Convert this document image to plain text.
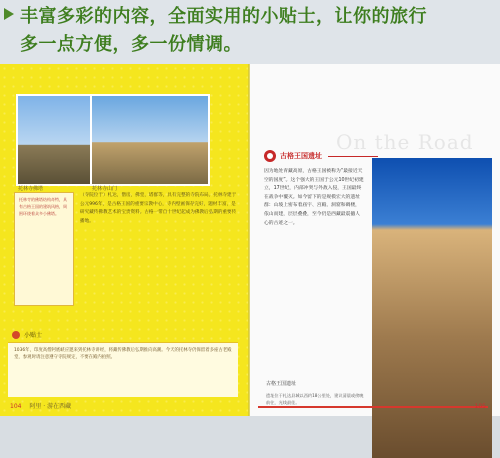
丰富多彩的内容，全面实用的小贴士，让你的旅行
多一点方便，多一份情调。
托林寺佛塔	托林寺山门
托林寺的佛塔结构奇特，具有古格王国的建筑风格，周围环绕着众多小佛塔。
（寺院位于）札达，僧房，佛堂，塔群等，具有完整的寺院布局。托林寺建于公元996年，是古格王国的重要宗教中心，寺内壁画保存完好，题材丰富，是研究藏传佛教艺术的宝贵资料。古格一带自十世纪起成为佛教后弘期的重要传播地。
小贴士
1036年，印度高僧阿底峡应邀来到托林寺讲经，将藏传佛教后弘期推向高潮。今天的托林寺仍保留着多座古老殿堂，参观时请注意遵守寺院规定，不要在殿内拍照。
104 阿里 · 游在西藏
On the Road
古格王国遗址
因为地处青藏高原，古格王国被称为“最接近天空的国度”。这个强大的王国于公元10世纪初建立，17世纪，内部冲突与外敌入侵，王国最终在战争中覆灭。如今留下的是规模宏大的遗址群：山坡上密布着庙宇、宫殿、洞窟和碉楼，依山而建，层层叠叠，至今仍是西藏最震撼人心的古迹之一。
古格王国遗址
遗址位于札达县城以西约18公里处，建议清晨或傍晚前往，光线最佳。
105
